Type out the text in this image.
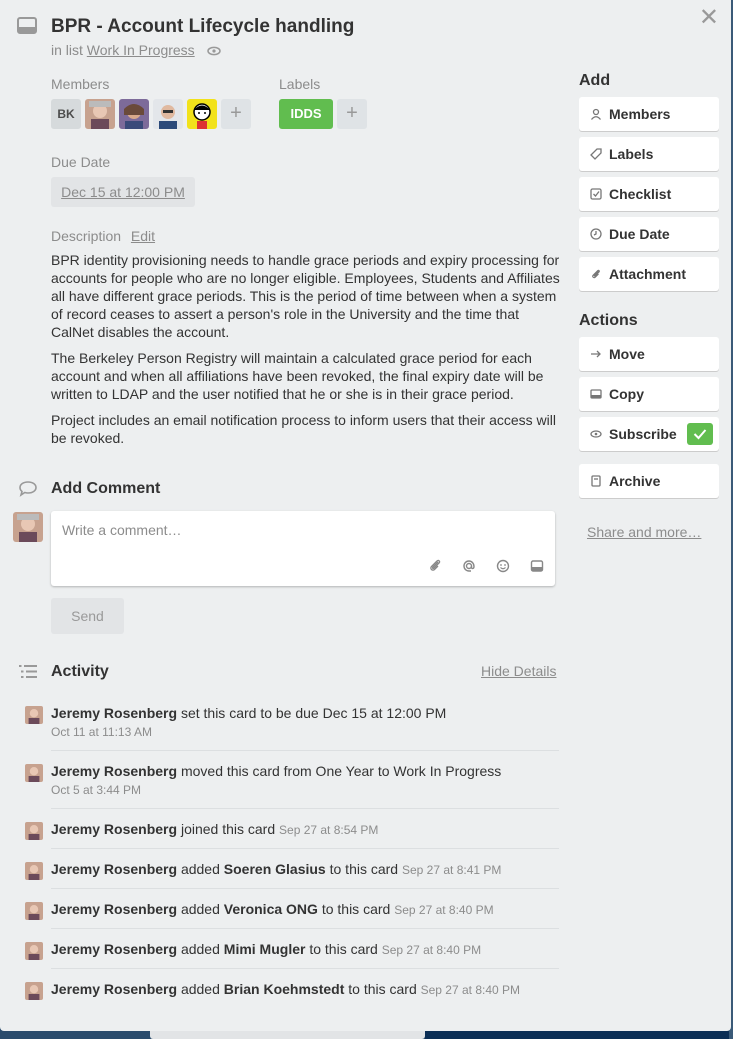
✕
BPR - Account Lifecycle handling
in list Work In Progress
Members
BK	+
Labels
IDDS	+
Due Date
Dec 15 at 12:00 PM
Description Edit

BPR identity provisioning needs to handle grace periods and expiry processing for accounts for people who are no longer eligible. Employees, Students and Affiliates all have different grace periods. This is the period of time between when a system of record ceases to assert a person's role in the University and the time that CalNet disables the account.

The Berkeley Person Registry will maintain a calculated grace period for each account and when all affiliations have been revoked, the final expiry date will be written to LDAP and the user notified that he or she is in their grace period.

Project includes an email notification process to inform users that their access will be revoked.

Add Comment
Write a comment…
Send
Activity	Hide Details
Jeremy Rosenberg set this card to be due Dec 15 at 12:00 PM
Oct 11 at 11:13 AM
Jeremy Rosenberg moved this card from One Year to Work In Progress
Oct 5 at 3:44 PM
Jeremy Rosenberg joined this card Sep 27 at 8:54 PM
Jeremy Rosenberg added Soeren Glasius to this card Sep 27 at 8:41 PM
Jeremy Rosenberg added Veronica ONG to this card Sep 27 at 8:40 PM
Jeremy Rosenberg added Mimi Mugler to this card Sep 27 at 8:40 PM
Jeremy Rosenberg added Brian Koehmstedt to this card Sep 27 at 8:40 PM
Add
Members
Labels
Checklist
Due Date
Attachment
Actions
Move
Copy
Subscribe
Archive
Share and more…
